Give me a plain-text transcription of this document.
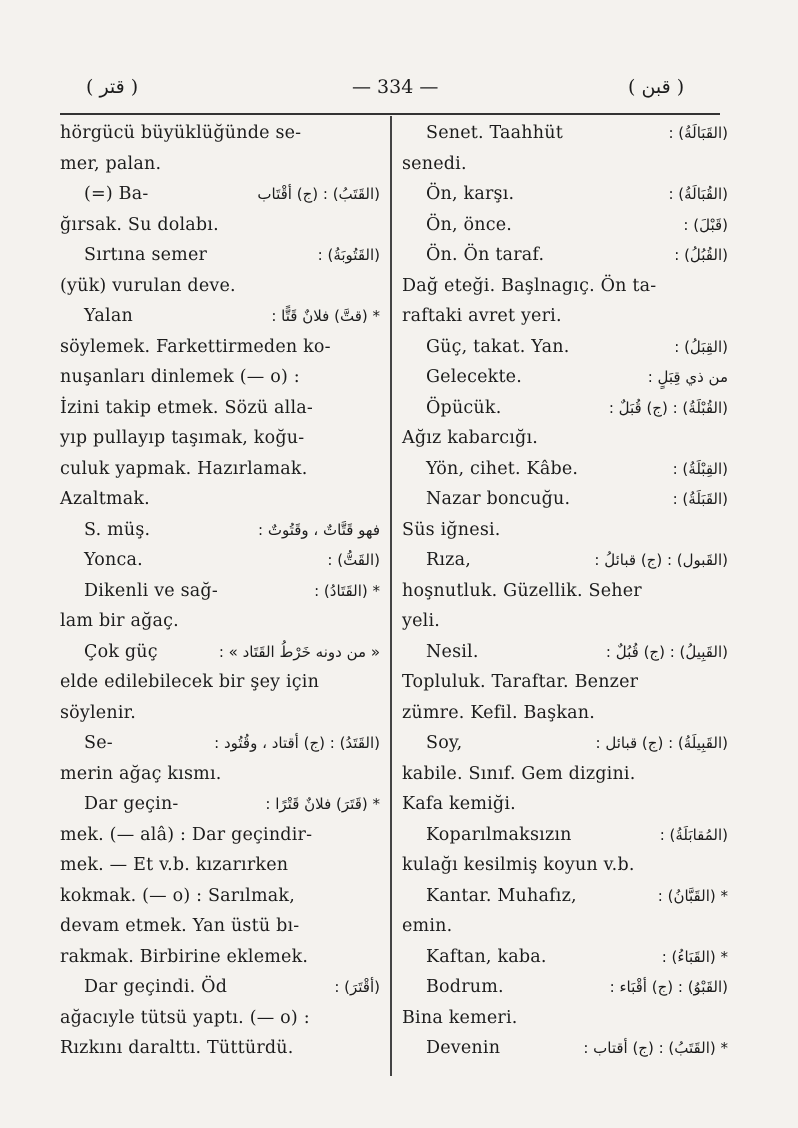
( قتر )	— 334 —	( قبن )
hörgücü büyüklüğünde se-
mer, palan.
(=) Ba-	(القَتَبُ) : (ج) أقْتَاب
ğırsak. Su dolabı.
Sırtına semer	(القَتُوبَةُ) :
(yük) vurulan deve.
Yalan	* (قتَّ) فلانٌ قَتًّا :
söylemek. Farkettirmeden ko-
nuşanları dinlemek (— o) :
İzini takip etmek. Sözü alla-
yıp pullayıp taşımak, koğu-
culuk yapmak. Hazırlamak.
Azaltmak.
S. müş.	فهو قَتَّاتٌ ، وقَتُوتٌ :
Yonca.	(القَتُّ) :
Dikenli ve sağ-	* (القَتَادُ) :
lam bir ağaç.
Çok güç	« من دونه خَرْطُ القَتَاد » :
elde edilebilecek bir şey için
söylenir.
Se-	(القَتَدُ) : (ج) أقتاد ، وقُتُود :
merin ağaç kısmı.
Dar geçin-	* (قَتَرَ) فلانٌ قَتْرًا :
mek. (— alâ) : Dar geçindir-
mek. — Et v.b. kızarırken
kokmak. (— o) : Sarılmak,
devam etmek. Yan üstü bı-
rakmak. Birbirine eklemek.
Dar geçindi. Öd	(أقْتَرَ) :
ağacıyle tütsü yaptı. (— o) :
Rızkını daralttı. Tüttürdü.
Senet. Taahhüt	(القَبَالَةُ) :
senedi.
Ön, karşı.	(القُبَالَةُ) :
Ön, önce.	(قَبْلَ) :
Ön. Ön taraf.	(القُبُلُ) :
Dağ eteği. Başlnagıç. Ön ta-
raftaki avret yeri.
Güç, takat. Yan.	(القِبَلُ) :
Gelecekte.	من ذي قِبَلٍ :
Öpücük.	(القُبْلَةُ) : (ج) قُبَلٌ :
Ağız kabarcığı.
Yön, cihet. Kâbe.	(القِبْلَةُ) :
Nazar boncuğu.	(القَبَلَةُ) :
Süs iğnesi.
Rıza,	(القَبول) : (ج) قبائلُ :
hoşnutluk. Güzellik. Seher
yeli.
Nesil.	(القَبِيلُ) : (ج) قُبُلٌ :
Topluluk. Taraftar. Benzer
zümre. Kefil. Başkan.
Soy,	(القَبِيلَةُ) : (ج) قبائل :
kabile. Sınıf. Gem dizgini.
Kafa kemiği.
Koparılmaksızın	(المُقابَلَةُ) :
kulağı kesilmiş koyun v.b.
Kantar. Muhafız,	* (القَبَّانُ) :
emin.
Kaftan, kaba.	* (القَبَاءُ) :
Bodrum.	(القَبْوُ) : (ج) أقْبَاء :
Bina kemeri.
Devenin	* (القَتَبُ) : (ج) أقتاب :
